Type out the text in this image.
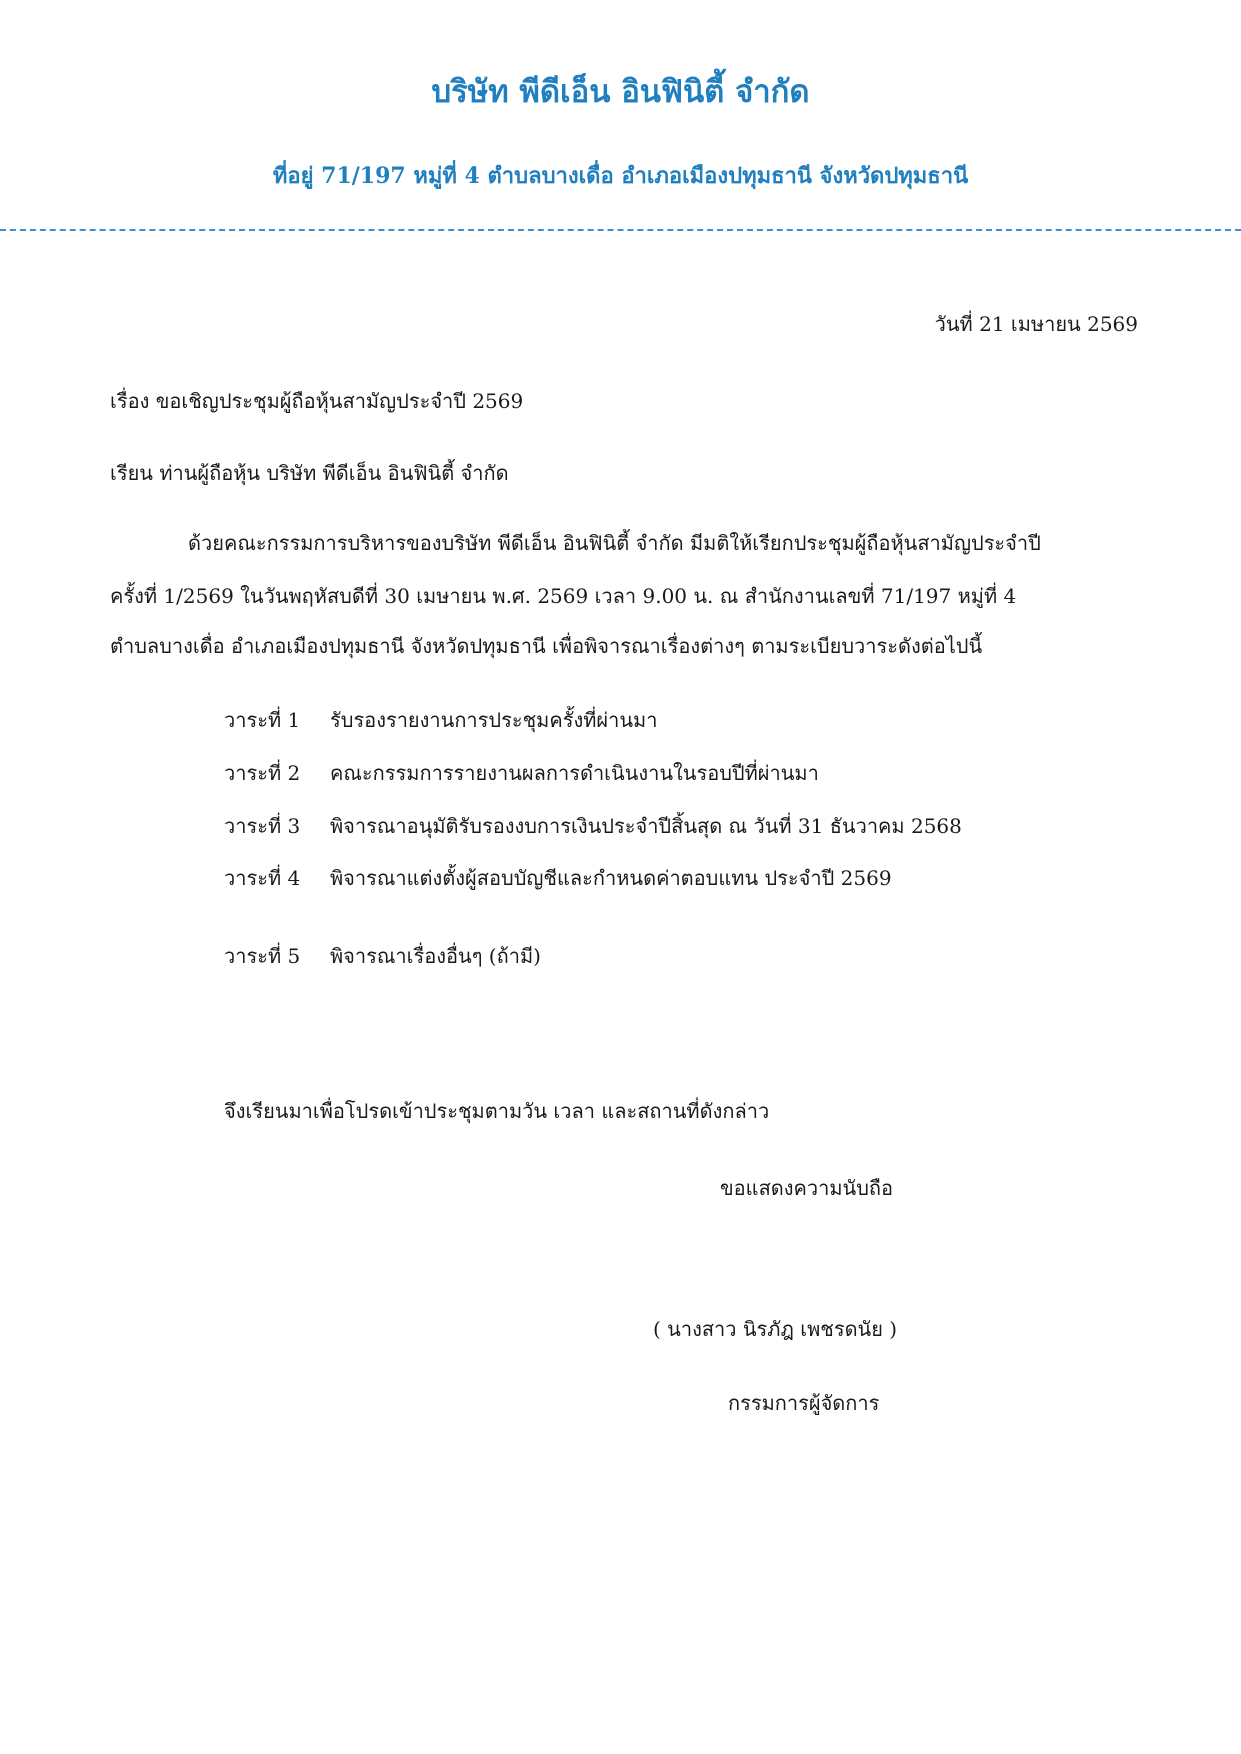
บริษัท พีดีเอ็น อินฟินิตี้ จำกัด
ที่อยู่ 71/197 หมู่ที่ 4 ตำบลบางเดื่อ อำเภอเมืองปทุมธานี จังหวัดปทุมธานี
วันที่ 21 เมษายน 2569
เรื่อง ขอเชิญประชุมผู้ถือหุ้นสามัญประจำปี 2569
เรียน ท่านผู้ถือหุ้น บริษัท พีดีเอ็น อินฟินิตี้ จำกัด
ด้วยคณะกรรมการบริหารของบริษัท พีดีเอ็น อินฟินิตี้ จำกัด มีมติให้เรียกประชุมผู้ถือหุ้นสามัญประจำปี
ครั้งที่ 1/2569 ในวันพฤหัสบดีที่ 30 เมษายน พ.ศ. 2569 เวลา 9.00 น. ณ สำนักงานเลขที่ 71/197 หมู่ที่ 4
ตำบลบางเดื่อ อำเภอเมืองปทุมธานี จังหวัดปทุมธานี เพื่อพิจารณาเรื่องต่างๆ ตามระเบียบวาระดังต่อไปนี้
วาระที่ 1 รับรองรายงานการประชุมครั้งที่ผ่านมา
วาระที่ 2 คณะกรรมการรายงานผลการดำเนินงานในรอบปีที่ผ่านมา
วาระที่ 3 พิจารณาอนุมัติรับรองงบการเงินประจำปีสิ้นสุด ณ วันที่ 31 ธันวาคม 2568
วาระที่ 4 พิจารณาแต่งตั้งผู้สอบบัญชีและกำหนดค่าตอบแทน ประจำปี 2569
วาระที่ 5 พิจารณาเรื่องอื่นๆ (ถ้ามี)
จึงเรียนมาเพื่อโปรดเข้าประชุมตามวัน เวลา และสถานที่ดังกล่าว
ขอแสดงความนับถือ
( นางสาว นิรภัฎ เพชรดนัย )
กรรมการผู้จัดการ
